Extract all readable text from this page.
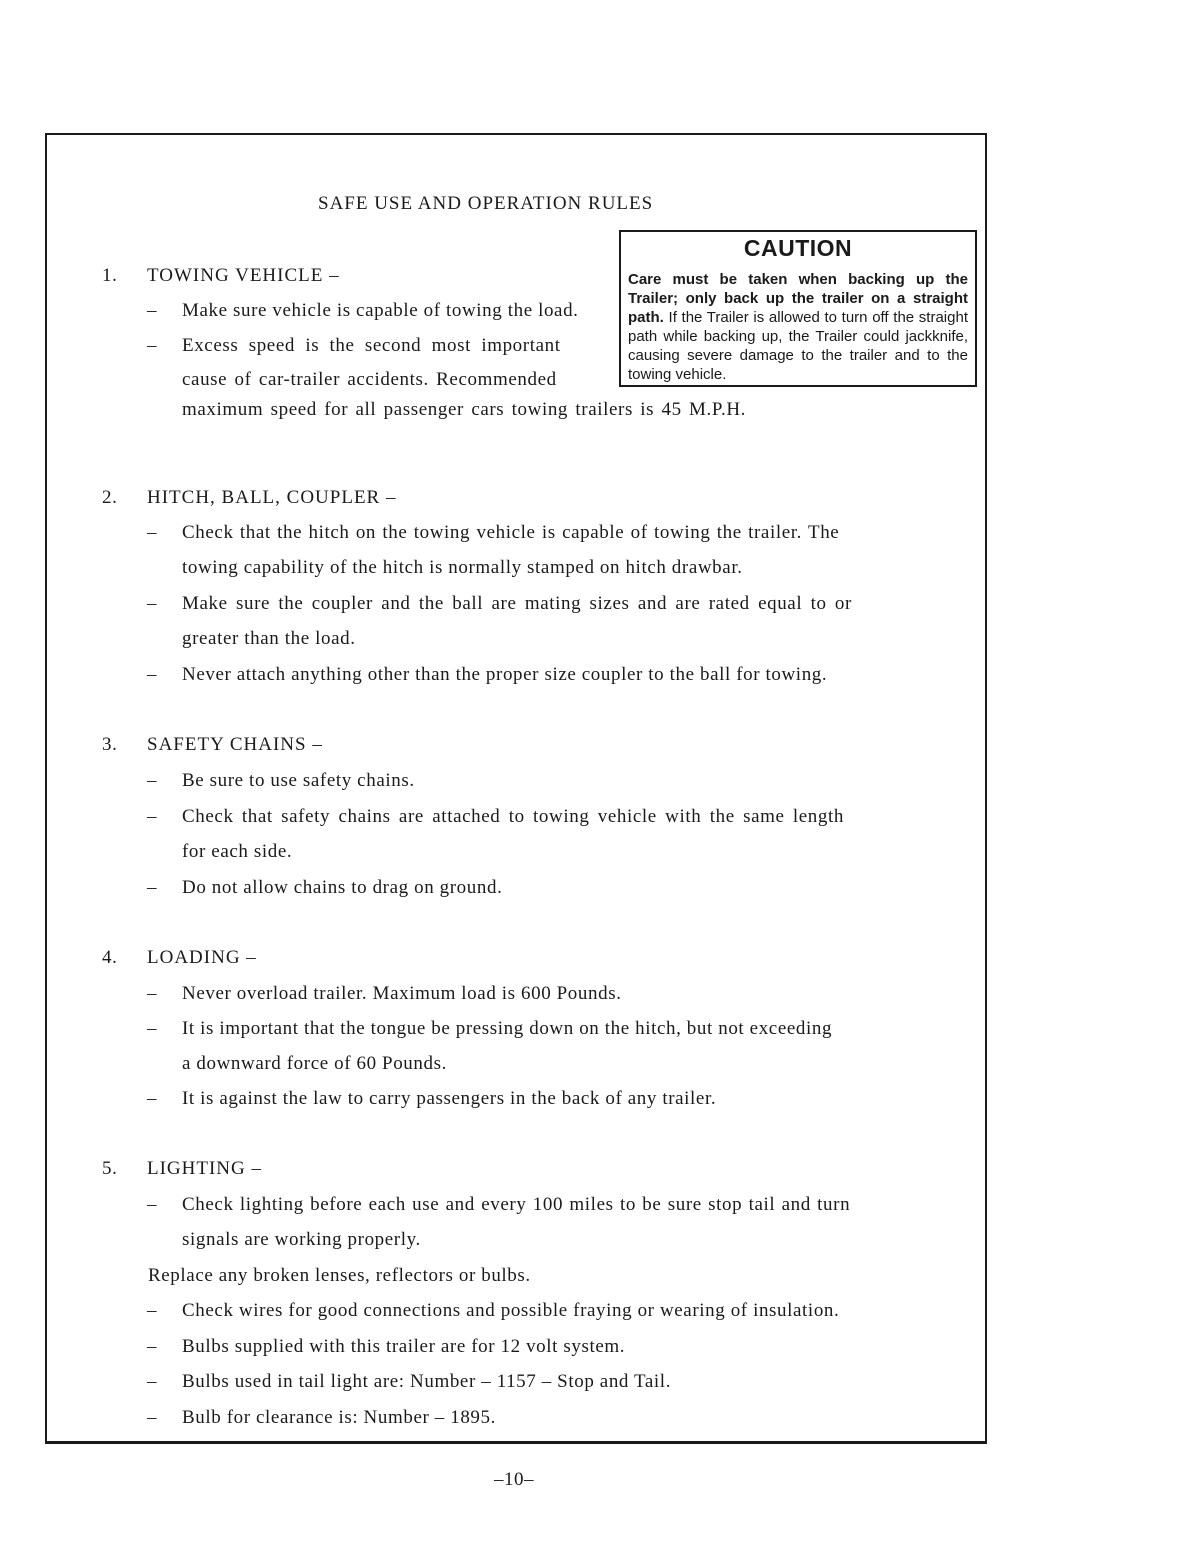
SAFE USE AND OPERATION RULES
CAUTION
Care must be taken when backing up the Trailer; only back up the trailer on a straight path. If the Trailer is allowed to turn off the straight path while backing up, the Trailer could jackknife, causing severe damage to the trailer and to the towing vehicle.
1. TOWING VEHICLE –
– Make sure vehicle is capable of towing the load.
– Excess speed is the second most important
cause of car-trailer accidents. Recommended
maximum speed for all passenger cars towing trailers is 45 M.P.H.
2. HITCH, BALL, COUPLER –
– Check that the hitch on the towing vehicle is capable of towing the trailer. The
towing capability of the hitch is normally stamped on hitch drawbar.
– Make sure the coupler and the ball are mating sizes and are rated equal to or
greater than the load.
– Never attach anything other than the proper size coupler to the ball for towing.
3. SAFETY CHAINS –
– Be sure to use safety chains.
– Check that safety chains are attached to towing vehicle with the same length
for each side.
– Do not allow chains to drag on ground.
4. LOADING –
– Never overload trailer. Maximum load is 600 Pounds.
– It is important that the tongue be pressing down on the hitch, but not exceeding
a downward force of 60 Pounds.
– It is against the law to carry passengers in the back of any trailer.
5. LIGHTING –
– Check lighting before each use and every 100 miles to be sure stop tail and turn
signals are working properly.
Replace any broken lenses, reflectors or bulbs.
– Check wires for good connections and possible fraying or wearing of insulation.
– Bulbs supplied with this trailer are for 12 volt system.
– Bulbs used in tail light are: Number – 1157 – Stop and Tail.
– Bulb for clearance is: Number – 1895.
–10–
